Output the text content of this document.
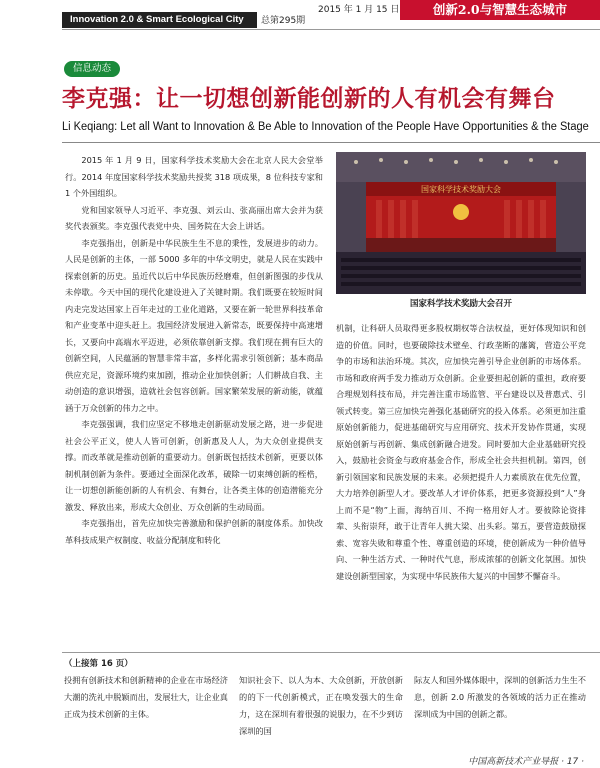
Innovation 2.0 & Smart Ecological City	总第295期
2015 年 1 月 15 日	创新2.0与智慧生态城市
信息动态
李克强：让一切想创新能创新的人有机会有舞台
Li Keqiang: Let all Want to Innovation & Be Able to Innovation of the People Have Opportunities & the Stage

2015 年 1 月 9 日，国家科学技术奖励大会在北京人民大会堂举行。2014 年度国家科学技术奖励共授奖 318 项成果，8 位科技专家和 1 个外国组织。

党和国家领导人习近平、李克强、刘云山、张高丽出席大会并为获奖代表颁奖。李克强代表党中央、国务院在大会上讲话。

李克强指出，创新是中华民族生生不息的秉性，发展进步的动力。人民是创新的主体，一部 5000 多年的中华文明史，就是人民在实践中探索创新的历史。虽近代以后中华民族历经磨难，但创新图强的步伐从未停歇。今天中国的现代化建设进入了关键时期。我们既要在较短时间内走完发达国家上百年走过的工业化道路，又要在新一轮世界科技革命和产业变革中迎头赶上。我国经济发展进入新常态，既要保持中高速增长，又要向中高端水平迈进，必须依靠创新支撑。我们现在拥有巨大的创新空间，人民蕴涵的智慧非常丰富，多样化需求引领创新；基本商品供应充足，资源环境约束加剧，推动企业加快创新；人们耕战自我、主动创造的意识增强，造就社会包容创新。国家繁荣发展的新动能，就蕴涵于万众创新的伟力之中。

李克强强调，我们应坚定不移地走创新驱动发展之路，进一步促进社会公平正义，使人人皆可创新，创新惠及人人，为大众创业提供支撑。而改革就是推动创新的重要动力。创新既包括技术创新，更要以体制机制创新为条件。要通过全面深化改革，破除一切束缚创新的桎梏，让一切想创新能创新的人有机会、有舞台，让各类主体的创造潜能充分激发、释放出来，形成大众创业、万众创新的生动局面。

李克强指出，首先应加快完善激励和保护创新的制度体系。加快改革科技成果产权制度、收益分配制度和转化

国家科学技术奖励大会
国家科学技术奖励大会召开

机制，让科研人员取得更多股权期权等合法权益，更好体现知识和创造的价值。同时，也要破除技术壁垒、行政垄断的藩篱，营造公平竞争的市场和法治环境。其次，应加快完善引导企业创新的市场体系。市场和政府两手发力推动万众创新。企业要担起创新的重担，政府要合理规划科技布局，并完善注重市场监管、平台建设以及普惠式、引领式转变。第三应加快完善强化基础研究的投入体系。必须更加注重原始创新能力，促进基础研究与应用研究、技术开发协作贯通，实现原始创新与再创新、集成创新融合进发。同时要加大企业基础研究投入，鼓励社会资金与政府基金合作，形成全社会共担机制。第四，创新引领国家和民族发展的未来。必须把提升人力素质放在优先位置，大力培养创新型人才。要改革人才评价体系，把更多资源投到“人”身上而不是“物”上面，海纳百川、不拘一格用好人才。要彼除论资排辈、头衔崇拜，敢于让青年人挑大梁、出头彩。第五，要营造鼓励探索、宽容失败和尊重个性、尊重创造的环境，使创新成为一种价值导向、一种生活方式、一种时代气息，形成浓郁的创新文化氛围。加快建设创新型国家，为实现中华民族伟大复兴的中国梦不懈奋斗。

（上接第 16 页）
投拥有创新技术和创新精神的企业在市场经济大潮的洗礼中脱颖而出，发展壮大，让企业真正成为技术创新的主体。
知识社会下、以人为本、大众创新，开放创新的的下一代创新模式，正在唤发强大的生命力，这在深圳有着很强的说服力，在不少到访深圳的国
际友人和国外媒体眼中，深圳的创新活力生生不息，创新 2.0 所激发的各领域的活力正在推动深圳成为中国的创新之都。
中国高新技术产业导报 · 17 ·
